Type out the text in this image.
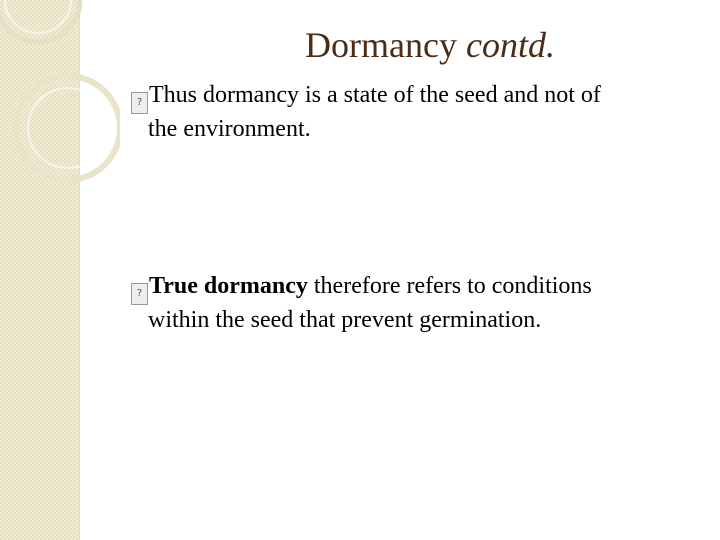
Dormancy contd.
? Thus dormancy is a state of the seed and not of
the environment.
? True dormancy therefore refers to conditions
within the seed that prevent germination.
